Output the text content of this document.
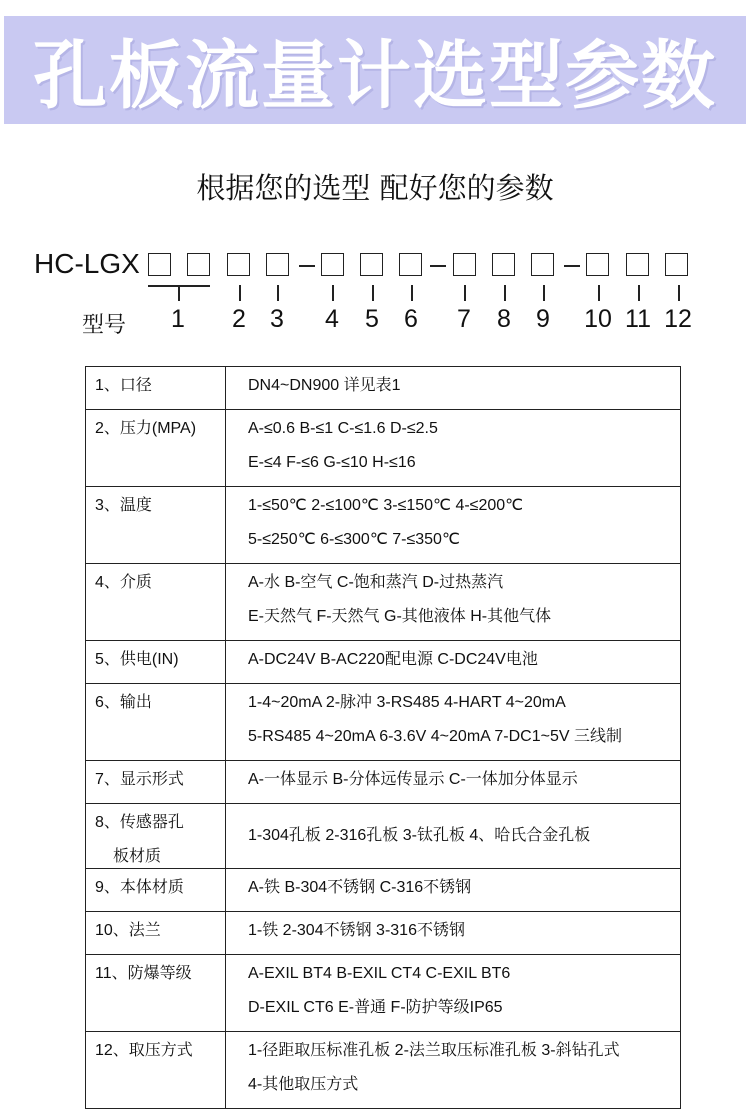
孔板流量计选型参数
根据您的选型 配好您的参数
HC-LGX
型号 1 2 3 4 5 6 7 8 9 10 11 12
1、口径	DN4~DN900 详见表1

2、压力(MPA)	A-≤0.6 B-≤1 C-≤1.6 D-≤2.5
E-≤4 F-≤6 G-≤10 H-≤16

3、温度	1-≤50℃ 2-≤100℃ 3-≤150℃ 4-≤200℃
5-≤250℃ 6-≤300℃ 7-≤350℃

4、介质	A-水 B-空气 C-饱和蒸汽 D-过热蒸汽
E-天然气 F-天然气 G-其他液体 H-其他气体

5、供电(IN)	A-DC24V B-AC220配电源 C-DC24V电池

6、输出	1-4~20mA 2-脉冲 3-RS485 4-HART 4~20mA
5-RS485 4~20mA 6-3.6V 4~20mA 7-DC1~5V 三线制

7、显示形式	A-一体显示 B-分体远传显示 C-一体加分体显示

8、传感器孔
板材质	1-304孔板 2-316孔板 3-钛孔板 4、哈氏合金孔板

9、本体材质	A-铁 B-304不锈钢 C-316不锈钢

10、法兰	1-铁 2-304不锈钢 3-316不锈钢

11、防爆等级	A-EXIL BT4 B-EXIL CT4 C-EXIL BT6
D-EXIL CT6 E-普通 F-防护等级IP65

12、取压方式	1-径距取压标准孔板 2-法兰取压标准孔板 3-斜钻孔式
4-其他取压方式
